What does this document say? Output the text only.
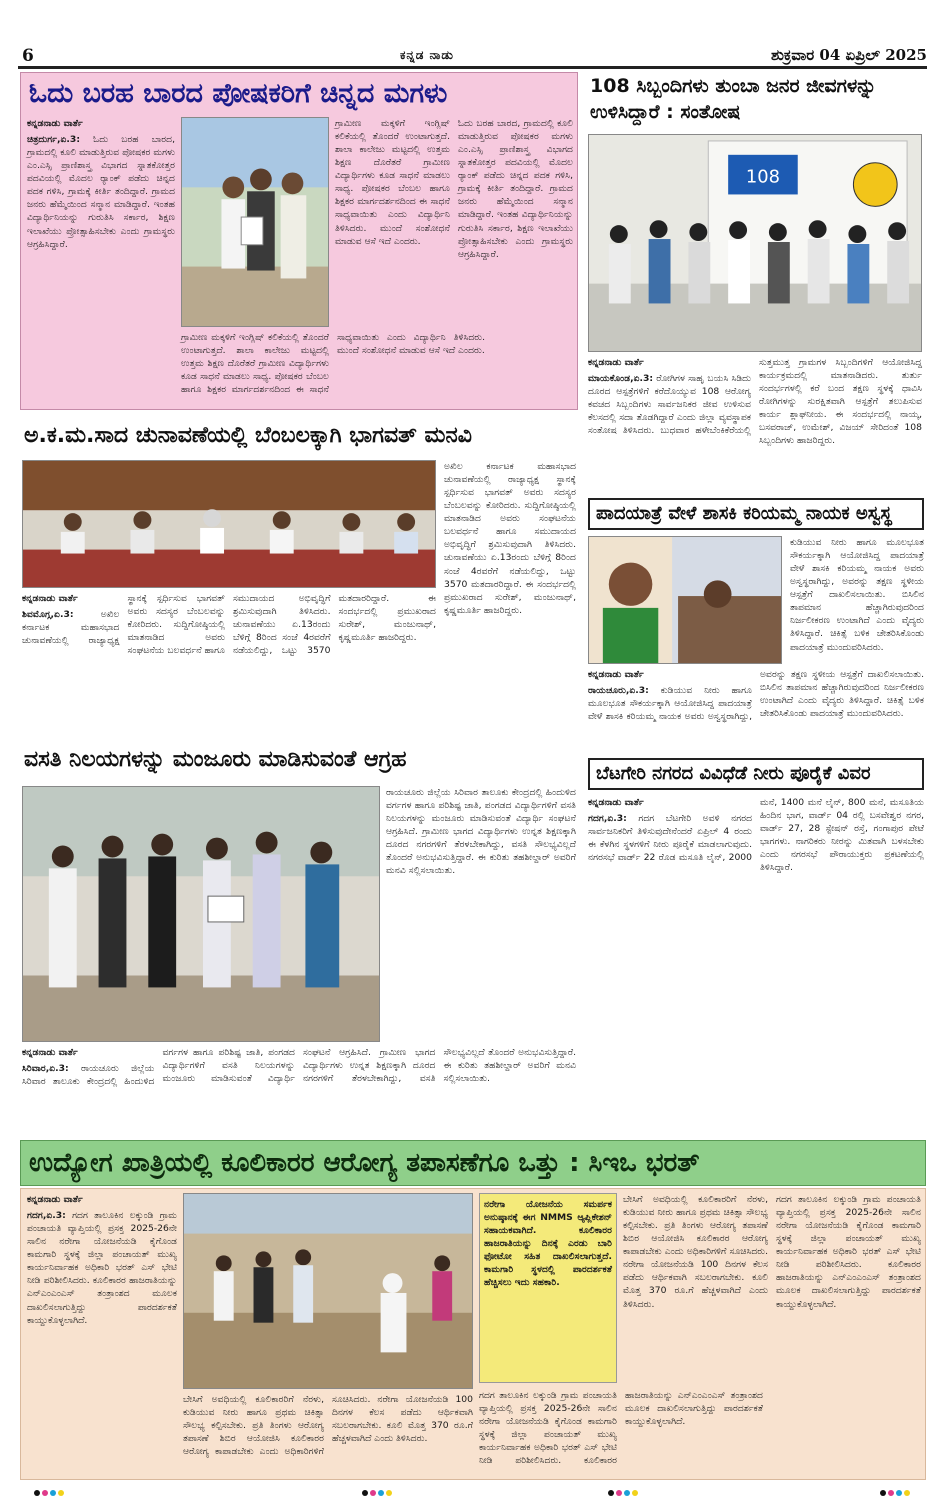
6	ಕನ್ನಡ ನಾಡು	ಶುಕ್ರವಾರ 04 ಏಪ್ರಿಲ್ 2025
ಓದು ಬರಹ ಬಾರದ ಪೋಷಕರಿಗೆ ಚಿನ್ನದ ಮಗಳು

ಕನ್ನಡನಾಡು ವಾರ್ತೆ

ಚಿತ್ರದುರ್ಗ,ಏ.3: ಓದು ಬರಹ ಬಾರದ, ಗ್ರಾಮದಲ್ಲಿ ಕೂಲಿ ಮಾಡುತ್ತಿರುವ ಪೋಷಕರ ಮಗಳು ಎಂ.ಎಸ್ಸಿ ಪ್ರಾಣಿಶಾಸ್ತ್ರ ವಿಭಾಗದ ಸ್ನಾತಕೋತ್ತರ ಪದವಿಯಲ್ಲಿ ಮೊದಲ ರ್‍ಯಾಂಕ್ ಪಡೆದು ಚಿನ್ನದ ಪದಕ ಗಳಿಸಿ, ಗ್ರಾಮಕ್ಕೆ ಕೀರ್ತಿ ತಂದಿದ್ದಾರೆ. ಗ್ರಾಮದ ಜನರು ಹೆಮ್ಮೆಯಿಂದ ಸನ್ಮಾನ ಮಾಡಿದ್ದಾರೆ. ಇಂತಹ ವಿದ್ಯಾರ್ಥಿನಿಯನ್ನು ಗುರುತಿಸಿ ಸರ್ಕಾರ, ಶಿಕ್ಷಣ ಇಲಾಖೆಯು ಪ್ರೋತ್ಸಾಹಿಸಬೇಕು ಎಂದು ಗ್ರಾಮಸ್ಥರು ಆಗ್ರಹಿಸಿದ್ದಾರೆ.

ಗ್ರಾಮೀಣ ಮಕ್ಕಳಿಗೆ ಇಂಗ್ಲಿಷ್ ಕಲಿಕೆಯಲ್ಲಿ ತೊಂದರೆ ಉಂಟಾಗುತ್ತದೆ. ಶಾಲಾ ಕಾಲೇಜು ಮಟ್ಟದಲ್ಲಿ ಉತ್ತಮ ಶಿಕ್ಷಣ ದೊರೆತರೆ ಗ್ರಾಮೀಣ ವಿದ್ಯಾರ್ಥಿಗಳು ಕೂಡ ಸಾಧನೆ ಮಾಡಲು ಸಾಧ್ಯ. ಪೋಷಕರ ಬೆಂಬಲ ಹಾಗೂ ಶಿಕ್ಷಕರ ಮಾರ್ಗದರ್ಶನದಿಂದ ಈ ಸಾಧನೆ ಸಾಧ್ಯವಾಯಿತು ಎಂದು ವಿದ್ಯಾರ್ಥಿನಿ ತಿಳಿಸಿದರು. ಮುಂದೆ ಸಂಶೋಧನೆ ಮಾಡುವ ಆಸೆ ಇದೆ ಎಂದರು.

ಗ್ರಾಮೀಣ ಮಕ್ಕಳಿಗೆ ಇಂಗ್ಲಿಷ್ ಕಲಿಕೆಯಲ್ಲಿ ತೊಂದರೆ ಉಂಟಾಗುತ್ತದೆ. ಶಾಲಾ ಕಾಲೇಜು ಮಟ್ಟದಲ್ಲಿ ಉತ್ತಮ ಶಿಕ್ಷಣ ದೊರೆತರೆ ಗ್ರಾಮೀಣ ವಿದ್ಯಾರ್ಥಿಗಳು ಕೂಡ ಸಾಧನೆ ಮಾಡಲು ಸಾಧ್ಯ. ಪೋಷಕರ ಬೆಂಬಲ ಹಾಗೂ ಶಿಕ್ಷಕರ ಮಾರ್ಗದರ್ಶನದಿಂದ ಈ ಸಾಧನೆ ಸಾಧ್ಯವಾಯಿತು ಎಂದು ವಿದ್ಯಾರ್ಥಿನಿ ತಿಳಿಸಿದರು. ಮುಂದೆ ಸಂಶೋಧನೆ ಮಾಡುವ ಆಸೆ ಇದೆ ಎಂದರು.

ಓದು ಬರಹ ಬಾರದ, ಗ್ರಾಮದಲ್ಲಿ ಕೂಲಿ ಮಾಡುತ್ತಿರುವ ಪೋಷಕರ ಮಗಳು ಎಂ.ಎಸ್ಸಿ ಪ್ರಾಣಿಶಾಸ್ತ್ರ ವಿಭಾಗದ ಸ್ನಾತಕೋತ್ತರ ಪದವಿಯಲ್ಲಿ ಮೊದಲ ರ್‍ಯಾಂಕ್ ಪಡೆದು ಚಿನ್ನದ ಪದಕ ಗಳಿಸಿ, ಗ್ರಾಮಕ್ಕೆ ಕೀರ್ತಿ ತಂದಿದ್ದಾರೆ. ಗ್ರಾಮದ ಜನರು ಹೆಮ್ಮೆಯಿಂದ ಸನ್ಮಾನ ಮಾಡಿದ್ದಾರೆ. ಇಂತಹ ವಿದ್ಯಾರ್ಥಿನಿಯನ್ನು ಗುರುತಿಸಿ ಸರ್ಕಾರ, ಶಿಕ್ಷಣ ಇಲಾಖೆಯು ಪ್ರೋತ್ಸಾಹಿಸಬೇಕು ಎಂದು ಗ್ರಾಮಸ್ಥರು ಆಗ್ರಹಿಸಿದ್ದಾರೆ.

108 ಸಿಬ್ಬಂದಿಗಳು ತುಂಬಾ ಜನರ ಜೀವಗಳನ್ನು ಉಳಿಸಿದ್ದಾರೆ : ಸಂತೋಷ
108

ಕನ್ನಡನಾಡು ವಾರ್ತೆ

ಮಾಯಕೊಂಡ,ಏ.3: ರೋಗಿಗಳ ಸಾಹೃ ಬಯಸಿ ಸಿಡಿದು ದೂರದ ಆಸ್ಪತ್ರೆಗಳಿಗೆ ಕರೆದೊಯ್ಯುವ 108 ಆರೋಗ್ಯ ಕವಚದ ಸಿಬ್ಬಂದಿಗಳು ಸಾರ್ವಜನಿಕರ ಜೀವ ಉಳಿಸುವ ಕೆಲಸದಲ್ಲಿ ಸದಾ ತೊಡಗಿದ್ದಾರೆ ಎಂದು ಜಿಲ್ಲಾ ವ್ಯವಸ್ಥಾಪಕ ಸಂತೋಷ ತಿಳಿಸಿದರು. ಬುಧವಾರ ಹಳೇಬೆಂಕಿಕೆರೆಯಲ್ಲಿ ಸುತ್ತಮುತ್ತ ಗ್ರಾಮಗಳ ಸಿಬ್ಬಂದಿಗಳಿಗೆ ಆಯೋಜಿಸಿದ್ದ ಕಾರ್ಯಕ್ರಮದಲ್ಲಿ ಮಾತನಾಡಿದರು. ತುರ್ತು ಸಂದರ್ಭಗಳಲ್ಲಿ ಕರೆ ಬಂದ ತಕ್ಷಣ ಸ್ಥಳಕ್ಕೆ ಧಾವಿಸಿ ರೋಗಿಗಳನ್ನು ಸುರಕ್ಷಿತವಾಗಿ ಆಸ್ಪತ್ರೆಗೆ ತಲುಪಿಸುವ ಕಾರ್ಯ ಶ್ಲಾಘನೀಯ. ಈ ಸಂದರ್ಭದಲ್ಲಿ ನಾಯ್ಕ, ಬಸವರಾಜ್, ಉಮೇಶ್, ವಿಜಯ್ ಸೇರಿದಂತೆ 108 ಸಿಬ್ಬಂದಿಗಳು ಹಾಜರಿದ್ದರು.

ಅ.ಕ.ಮ.ಸಾದ ಚುನಾವಣೆಯಲ್ಲಿ ಬೆಂಬಲಕ್ಕಾಗಿ ಭಾಗವತ್ ಮನವಿ

ಕನ್ನಡನಾಡು ವಾರ್ತೆ

ಶಿವಮೊಗ್ಗ,ಏ.3:	ಅಖಿಲ ಕರ್ನಾಟಕ ಮಹಾಸಭಾದ ಚುನಾವಣೆಯಲ್ಲಿ ರಾಜ್ಯಾಧ್ಯಕ್ಷ ಸ್ಥಾನಕ್ಕೆ ಸ್ಪರ್ಧಿಸುವ ಭಾಗವತ್ ಅವರು ಸದಸ್ಯರ ಬೆಂಬಲವನ್ನು ಕೋರಿದರು. ಸುದ್ದಿಗೋಷ್ಠಿಯಲ್ಲಿ ಮಾತನಾಡಿದ ಅವರು ಸಂಘಟನೆಯ ಬಲವರ್ಧನೆ ಹಾಗೂ ಸಮುದಾಯದ ಅಭಿವೃದ್ಧಿಗೆ ಶ್ರಮಿಸುವುದಾಗಿ ತಿಳಿಸಿದರು. ಚುನಾವಣೆಯು ಏ.13ರಂದು ಬೆಳಿಗ್ಗೆ 8ರಿಂದ ಸಂಜೆ 4ರವರೆಗೆ ನಡೆಯಲಿದ್ದು, ಒಟ್ಟು 3570 ಮತದಾರರಿದ್ದಾರೆ. ಈ ಸಂದರ್ಭದಲ್ಲಿ ಪ್ರಮುಖರಾದ ಸುರೇಶ್, ಮಂಜುನಾಥ್, ಕೃಷ್ಣಮೂರ್ತಿ ಹಾಜರಿದ್ದರು.

ಅಖಿಲ ಕರ್ನಾಟಕ ಮಹಾಸಭಾದ ಚುನಾವಣೆಯಲ್ಲಿ ರಾಜ್ಯಾಧ್ಯಕ್ಷ ಸ್ಥಾನಕ್ಕೆ ಸ್ಪರ್ಧಿಸುವ ಭಾಗವತ್ ಅವರು ಸದಸ್ಯರ ಬೆಂಬಲವನ್ನು ಕೋರಿದರು. ಸುದ್ದಿಗೋಷ್ಠಿಯಲ್ಲಿ ಮಾತನಾಡಿದ ಅವರು ಸಂಘಟನೆಯ ಬಲವರ್ಧನೆ ಹಾಗೂ ಸಮುದಾಯದ ಅಭಿವೃದ್ಧಿಗೆ ಶ್ರಮಿಸುವುದಾಗಿ ತಿಳಿಸಿದರು. ಚುನಾವಣೆಯು ಏ.13ರಂದು ಬೆಳಿಗ್ಗೆ 8ರಿಂದ ಸಂಜೆ 4ರವರೆಗೆ ನಡೆಯಲಿದ್ದು, ಒಟ್ಟು 3570 ಮತದಾರರಿದ್ದಾರೆ. ಈ ಸಂದರ್ಭದಲ್ಲಿ ಪ್ರಮುಖರಾದ ಸುರೇಶ್, ಮಂಜುನಾಥ್, ಕೃಷ್ಣಮೂರ್ತಿ ಹಾಜರಿದ್ದರು.

ಪಾದಯಾತ್ರೆ ವೇಳೆ ಶಾಸಕಿ ಕರಿಯಮ್ಮ ನಾಯಕ ಅಸ್ವಸ್ಥ

ಕುಡಿಯುವ ನೀರು ಹಾಗೂ ಮೂಲಭೂತ ಸೌಕರ್ಯಕ್ಕಾಗಿ ಆಯೋಜಿಸಿದ್ದ ಪಾದಯಾತ್ರೆ ವೇಳೆ ಶಾಸಕಿ ಕರಿಯಮ್ಮ ನಾಯಕ ಅವರು ಅಸ್ವಸ್ಥರಾಗಿದ್ದು, ಅವರನ್ನು ತಕ್ಷಣ ಸ್ಥಳೀಯ ಆಸ್ಪತ್ರೆಗೆ ದಾಖಲಿಸಲಾಯಿತು. ಬಿಸಿಲಿನ ತಾಪಮಾನ ಹೆಚ್ಚಾಗಿರುವುದರಿಂದ ನಿರ್ಜಲೀಕರಣ ಉಂಟಾಗಿದೆ ಎಂದು ವೈದ್ಯರು ತಿಳಿಸಿದ್ದಾರೆ. ಚಿಕಿತ್ಸೆ ಬಳಿಕ ಚೇತರಿಸಿಕೊಂಡು ಪಾದಯಾತ್ರೆ ಮುಂದುವರಿಸಿದರು.

ಕನ್ನಡನಾಡು ವಾರ್ತೆ

ರಾಯಚೂರು,ಏ.3: ಕುಡಿಯುವ ನೀರು ಹಾಗೂ ಮೂಲಭೂತ ಸೌಕರ್ಯಕ್ಕಾಗಿ ಆಯೋಜಿಸಿದ್ದ ಪಾದಯಾತ್ರೆ ವೇಳೆ ಶಾಸಕಿ ಕರಿಯಮ್ಮ ನಾಯಕ ಅವರು ಅಸ್ವಸ್ಥರಾಗಿದ್ದು, ಅವರನ್ನು ತಕ್ಷಣ ಸ್ಥಳೀಯ ಆಸ್ಪತ್ರೆಗೆ ದಾಖಲಿಸಲಾಯಿತು. ಬಿಸಿಲಿನ ತಾಪಮಾನ ಹೆಚ್ಚಾಗಿರುವುದರಿಂದ ನಿರ್ಜಲೀಕರಣ ಉಂಟಾಗಿದೆ ಎಂದು ವೈದ್ಯರು ತಿಳಿಸಿದ್ದಾರೆ. ಚಿಕಿತ್ಸೆ ಬಳಿಕ ಚೇತರಿಸಿಕೊಂಡು ಪಾದಯಾತ್ರೆ ಮುಂದುವರಿಸಿದರು.

ವಸತಿ ನಿಲಯಗಳನ್ನು ಮಂಜೂರು ಮಾಡಿಸುವಂತೆ ಆಗ್ರಹ

ರಾಯಚೂರು ಜಿಲ್ಲೆಯ ಸಿರಿವಾರ ತಾಲೂಕು ಕೇಂದ್ರದಲ್ಲಿ ಹಿಂದುಳಿದ ವರ್ಗಗಳ ಹಾಗೂ ಪರಿಶಿಷ್ಟ ಜಾತಿ, ಪಂಗಡದ ವಿದ್ಯಾರ್ಥಿಗಳಿಗೆ ವಸತಿ ನಿಲಯಗಳನ್ನು ಮಂಜೂರು ಮಾಡಿಸುವಂತೆ ವಿದ್ಯಾರ್ಥಿ ಸಂಘಟನೆ ಆಗ್ರಹಿಸಿದೆ. ಗ್ರಾಮೀಣ ಭಾಗದ ವಿದ್ಯಾರ್ಥಿಗಳು ಉನ್ನತ ಶಿಕ್ಷಣಕ್ಕಾಗಿ ದೂರದ ನಗರಗಳಿಗೆ ತೆರಳಬೇಕಾಗಿದ್ದು, ವಸತಿ ಸೌಲಭ್ಯವಿಲ್ಲದೆ ತೊಂದರೆ ಅನುಭವಿಸುತ್ತಿದ್ದಾರೆ. ಈ ಕುರಿತು ತಹಶೀಲ್ದಾರ್ ಅವರಿಗೆ ಮನವಿ ಸಲ್ಲಿಸಲಾಯಿತು.

ಕನ್ನಡನಾಡು ವಾರ್ತೆ

ಸಿರಿವಾರ,ಏ.3: ರಾಯಚೂರು ಜಿಲ್ಲೆಯ ಸಿರಿವಾರ ತಾಲೂಕು ಕೇಂದ್ರದಲ್ಲಿ ಹಿಂದುಳಿದ ವರ್ಗಗಳ ಹಾಗೂ ಪರಿಶಿಷ್ಟ ಜಾತಿ, ಪಂಗಡದ ವಿದ್ಯಾರ್ಥಿಗಳಿಗೆ ವಸತಿ ನಿಲಯಗಳನ್ನು ಮಂಜೂರು ಮಾಡಿಸುವಂತೆ ವಿದ್ಯಾರ್ಥಿ ಸಂಘಟನೆ ಆಗ್ರಹಿಸಿದೆ. ಗ್ರಾಮೀಣ ಭಾಗದ ವಿದ್ಯಾರ್ಥಿಗಳು ಉನ್ನತ ಶಿಕ್ಷಣಕ್ಕಾಗಿ ದೂರದ ನಗರಗಳಿಗೆ ತೆರಳಬೇಕಾಗಿದ್ದು, ವಸತಿ ಸೌಲಭ್ಯವಿಲ್ಲದೆ ತೊಂದರೆ ಅನುಭವಿಸುತ್ತಿದ್ದಾರೆ. ಈ ಕುರಿತು ತಹಶೀಲ್ದಾರ್ ಅವರಿಗೆ ಮನವಿ ಸಲ್ಲಿಸಲಾಯಿತು.

ಬೆಟಗೇರಿ ನಗರದ ವಿವಿಧೆಡೆ ನೀರು ಪೂರೈಕೆ ವಿವರ

ಕನ್ನಡನಾಡು ವಾರ್ತೆ

ಗದಗ,ಏ.3: ಗದಗ ಬೆಟಗೇರಿ ಅವಳಿ ನಗರದ ಸಾರ್ವಜನಿಕರಿಗೆ ತಿಳಿಸುವುದೇನೆಂದರೆ ಏಪ್ರಿಲ್ 4 ರಂದು ಈ ಕೆಳಗಿನ ಸ್ಥಳಗಳಿಗೆ ನೀರು ಪೂರೈಕೆ ಮಾಡಲಾಗುವುದು. ನಗರಸಭೆ ವಾರ್ಡ್ 22 ರೊಡ ಮಸೂತಿ ಲೈನ್, 2000 ಮನೆ, 1400 ಮನೆ ಲೈನ್, 800 ಮನೆ, ಮಸೂತಿಯ ಹಿಂದಿನ ಭಾಗ, ವಾರ್ಡ್ 04 ರಲ್ಲಿ ಬಸವೇಶ್ವರ ನಗರ, ವಾರ್ಡ್ 27, 28 ಸ್ಟೇಷನ್ ರಸ್ತೆ, ಗಂಗಾಪುರ ಪೇಟೆ ಭಾಗಗಳು. ನಾಗರಿಕರು ನೀರನ್ನು ಮಿತವಾಗಿ ಬಳಸಬೇಕು ಎಂದು ನಗರಸಭೆ ಪೌರಾಯುಕ್ತರು ಪ್ರಕಟಣೆಯಲ್ಲಿ ತಿಳಿಸಿದ್ದಾರೆ.

ಉದ್ಯೋಗ ಖಾತ್ರಿಯಲ್ಲಿ ಕೂಲಿಕಾರರ ಆರೋಗ್ಯ ತಪಾಸಣೆಗೂ ಒತ್ತು : ಸಿಇಒ ಭರತ್

ಕನ್ನಡನಾಡು ವಾರ್ತೆ

ಗದಗ,ಏ.3: ಗದಗ ತಾಲೂಕಿನ ಲಕ್ಕುಂಡಿ ಗ್ರಾಮ ಪಂಚಾಯತಿ ವ್ಯಾಪ್ತಿಯಲ್ಲಿ ಪ್ರಸಕ್ತ 2025-26ನೇ ಸಾಲಿನ ನರೇಗಾ ಯೋಜನೆಯಡಿ ಕೈಗೊಂಡ ಕಾಮಗಾರಿ ಸ್ಥಳಕ್ಕೆ ಜಿಲ್ಲಾ ಪಂಚಾಯತ್ ಮುಖ್ಯ ಕಾರ್ಯನಿರ್ವಾಹಕ ಅಧಿಕಾರಿ ಭರತ್ ಎಸ್ ಭೇಟಿ ನೀಡಿ ಪರಿಶೀಲಿಸಿದರು. ಕೂಲಿಕಾರರ ಹಾಜರಾತಿಯನ್ನು ಎನ್‌ಎಂಎಂಎಸ್ ತಂತ್ರಾಂಶದ ಮೂಲಕ ದಾಖಲಿಸಲಾಗುತ್ತಿದ್ದು ಪಾರದರ್ಶಕತೆ ಕಾಯ್ದುಕೊಳ್ಳಲಾಗಿದೆ.

ಬೇಸಿಗೆ ಅವಧಿಯಲ್ಲಿ ಕೂಲಿಕಾರರಿಗೆ ನೆರಳು, ಕುಡಿಯುವ ನೀರು ಹಾಗೂ ಪ್ರಥಮ ಚಿಕಿತ್ಸಾ ಸೌಲಭ್ಯ ಕಲ್ಪಿಸಬೇಕು. ಪ್ರತಿ ತಿಂಗಳು ಆರೋಗ್ಯ ತಪಾಸಣೆ ಶಿಬಿರ ಆಯೋಜಿಸಿ ಕೂಲಿಕಾರರ ಆರೋಗ್ಯ ಕಾಪಾಡಬೇಕು ಎಂದು ಅಧಿಕಾರಿಗಳಿಗೆ ಸೂಚಿಸಿದರು. ನರೇಗಾ ಯೋಜನೆಯಡಿ 100 ದಿನಗಳ ಕೆಲಸ ಪಡೆದು ಆರ್ಥಿಕವಾಗಿ ಸಬಲರಾಗಬೇಕು. ಕೂಲಿ ಮೊತ್ತ 370 ರೂ.ಗೆ ಹೆಚ್ಚಳವಾಗಿದೆ ಎಂದು ತಿಳಿಸಿದರು.

ನರೇಗಾ ಯೋಜನೆಯ ಸಮರ್ಪಕ ಅನುಷ್ಠಾನಕ್ಕೆ ಈಗ NMMS ಆ್ಯಪ್ಲಿಕೇಶನ್ ಸಹಾಯಕವಾಗಿದೆ. ಕೂಲಿಕಾರರ ಹಾಜರಾತಿಯನ್ನು ದಿನಕ್ಕೆ ಎರಡು ಬಾರಿ ಫೋಟೋ ಸಹಿತ ದಾಖಲಿಸಲಾಗುತ್ತದೆ. ಕಾಮಗಾರಿ ಸ್ಥಳದಲ್ಲಿ ಪಾರದರ್ಶಕತೆ ಹೆಚ್ಚಿಸಲು ಇದು ಸಹಕಾರಿ.

ಗದಗ ತಾಲೂಕಿನ ಲಕ್ಕುಂಡಿ ಗ್ರಾಮ ಪಂಚಾಯತಿ ವ್ಯಾಪ್ತಿಯಲ್ಲಿ ಪ್ರಸಕ್ತ 2025-26ನೇ ಸಾಲಿನ ನರೇಗಾ ಯೋಜನೆಯಡಿ ಕೈಗೊಂಡ ಕಾಮಗಾರಿ ಸ್ಥಳಕ್ಕೆ ಜಿಲ್ಲಾ ಪಂಚಾಯತ್ ಮುಖ್ಯ ಕಾರ್ಯನಿರ್ವಾಹಕ ಅಧಿಕಾರಿ ಭರತ್ ಎಸ್ ಭೇಟಿ ನೀಡಿ ಪರಿಶೀಲಿಸಿದರು. ಕೂಲಿಕಾರರ ಹಾಜರಾತಿಯನ್ನು ಎನ್‌ಎಂಎಂಎಸ್ ತಂತ್ರಾಂಶದ ಮೂಲಕ ದಾಖಲಿಸಲಾಗುತ್ತಿದ್ದು ಪಾರದರ್ಶಕತೆ ಕಾಯ್ದುಕೊಳ್ಳಲಾಗಿದೆ.

ಬೇಸಿಗೆ ಅವಧಿಯಲ್ಲಿ ಕೂಲಿಕಾರರಿಗೆ ನೆರಳು, ಕುಡಿಯುವ ನೀರು ಹಾಗೂ ಪ್ರಥಮ ಚಿಕಿತ್ಸಾ ಸೌಲಭ್ಯ ಕಲ್ಪಿಸಬೇಕು. ಪ್ರತಿ ತಿಂಗಳು ಆರೋಗ್ಯ ತಪಾಸಣೆ ಶಿಬಿರ ಆಯೋಜಿಸಿ ಕೂಲಿಕಾರರ ಆರೋಗ್ಯ ಕಾಪಾಡಬೇಕು ಎಂದು ಅಧಿಕಾರಿಗಳಿಗೆ ಸೂಚಿಸಿದರು. ನರೇಗಾ ಯೋಜನೆಯಡಿ 100 ದಿನಗಳ ಕೆಲಸ ಪಡೆದು ಆರ್ಥಿಕವಾಗಿ ಸಬಲರಾಗಬೇಕು. ಕೂಲಿ ಮೊತ್ತ 370 ರೂ.ಗೆ ಹೆಚ್ಚಳವಾಗಿದೆ ಎಂದು ತಿಳಿಸಿದರು.

ಗದಗ ತಾಲೂಕಿನ ಲಕ್ಕುಂಡಿ ಗ್ರಾಮ ಪಂಚಾಯತಿ ವ್ಯಾಪ್ತಿಯಲ್ಲಿ ಪ್ರಸಕ್ತ 2025-26ನೇ ಸಾಲಿನ ನರೇಗಾ ಯೋಜನೆಯಡಿ ಕೈಗೊಂಡ ಕಾಮಗಾರಿ ಸ್ಥಳಕ್ಕೆ ಜಿಲ್ಲಾ ಪಂಚಾಯತ್ ಮುಖ್ಯ ಕಾರ್ಯನಿರ್ವಾಹಕ ಅಧಿಕಾರಿ ಭರತ್ ಎಸ್ ಭೇಟಿ ನೀಡಿ ಪರಿಶೀಲಿಸಿದರು. ಕೂಲಿಕಾರರ ಹಾಜರಾತಿಯನ್ನು ಎನ್‌ಎಂಎಂಎಸ್ ತಂತ್ರಾಂಶದ ಮೂಲಕ ದಾಖಲಿಸಲಾಗುತ್ತಿದ್ದು ಪಾರದರ್ಶಕತೆ ಕಾಯ್ದುಕೊಳ್ಳಲಾಗಿದೆ.
